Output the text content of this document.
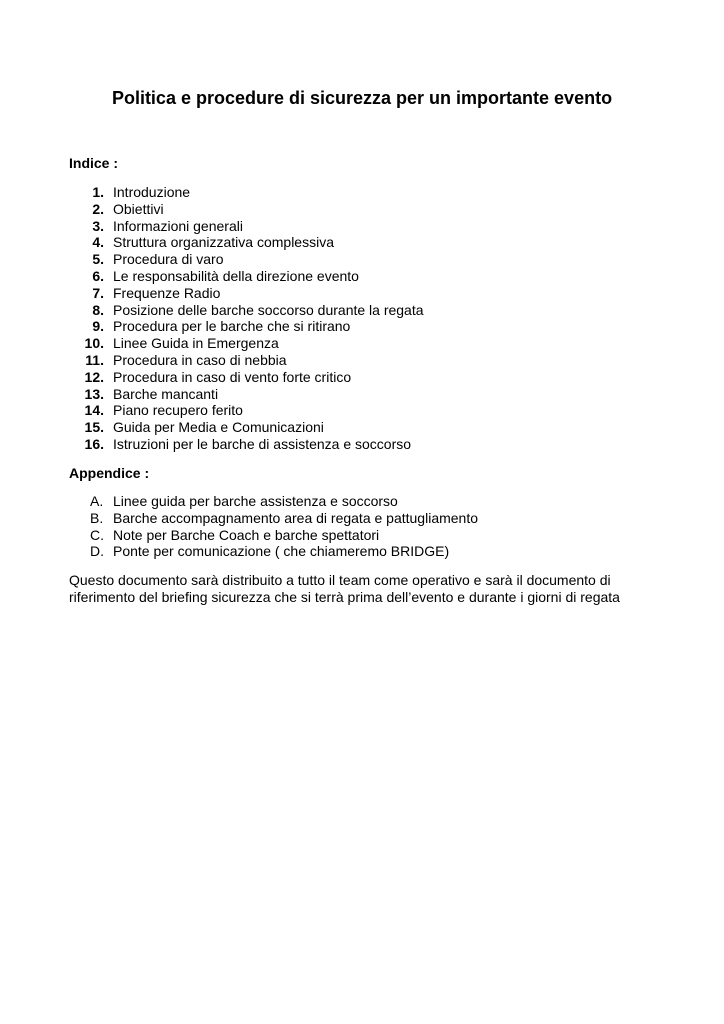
Politica e procedure di sicurezza per un importante evento

Indice :

1. Introduzione
2. Obiettivi
3. Informazioni generali
4. Struttura organizzativa complessiva
5. Procedura di varo
6. Le responsabilità della direzione evento
7. Frequenze Radio
8. Posizione delle barche soccorso durante la regata
9. Procedura per le barche che si ritirano
10. Linee Guida in Emergenza
11. Procedura in caso di nebbia
12. Procedura in caso di vento forte critico
13. Barche mancanti
14. Piano recupero ferito
15. Guida per Media e Comunicazioni
16. Istruzioni per le barche di assistenza e soccorso

Appendice :

A. Linee guida per barche assistenza e soccorso
B. Barche accompagnamento area di regata e pattugliamento
C. Note per Barche Coach e barche spettatori
D. Ponte per comunicazione ( che chiameremo BRIDGE)

Questo documento sarà distribuito a tutto il team come operativo e sarà il documento di
riferimento del briefing sicurezza che si terrà prima dell’evento e durante i giorni di regata
